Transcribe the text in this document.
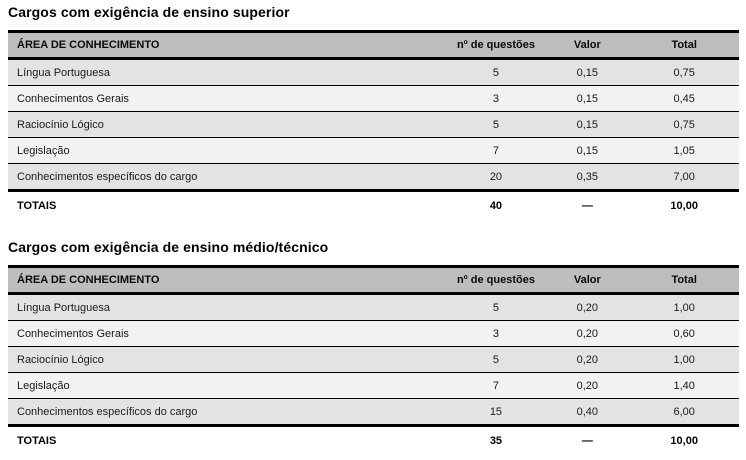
Cargos com exigência de ensino superior
ÁREA DE CONHECIMENTO	nº de questões	Valor	Total
Língua Portuguesa	5	0,15	0,75
Conhecimentos Gerais	3	0,15	0,45
Raciocínio Lógico	5	0,15	0,75
Legislação	7	0,15	1,05
Conhecimentos específicos do cargo	20	0,35	7,00
TOTAIS	40	—	10,00
Cargos com exigência de ensino médio/técnico
ÁREA DE CONHECIMENTO	nº de questões	Valor	Total
Língua Portuguesa	5	0,20	1,00
Conhecimentos Gerais	3	0,20	0,60
Raciocínio Lógico	5	0,20	1,00
Legislação	7	0,20	1,40
Conhecimentos específicos do cargo	15	0,40	6,00
TOTAIS	35	—	10,00
